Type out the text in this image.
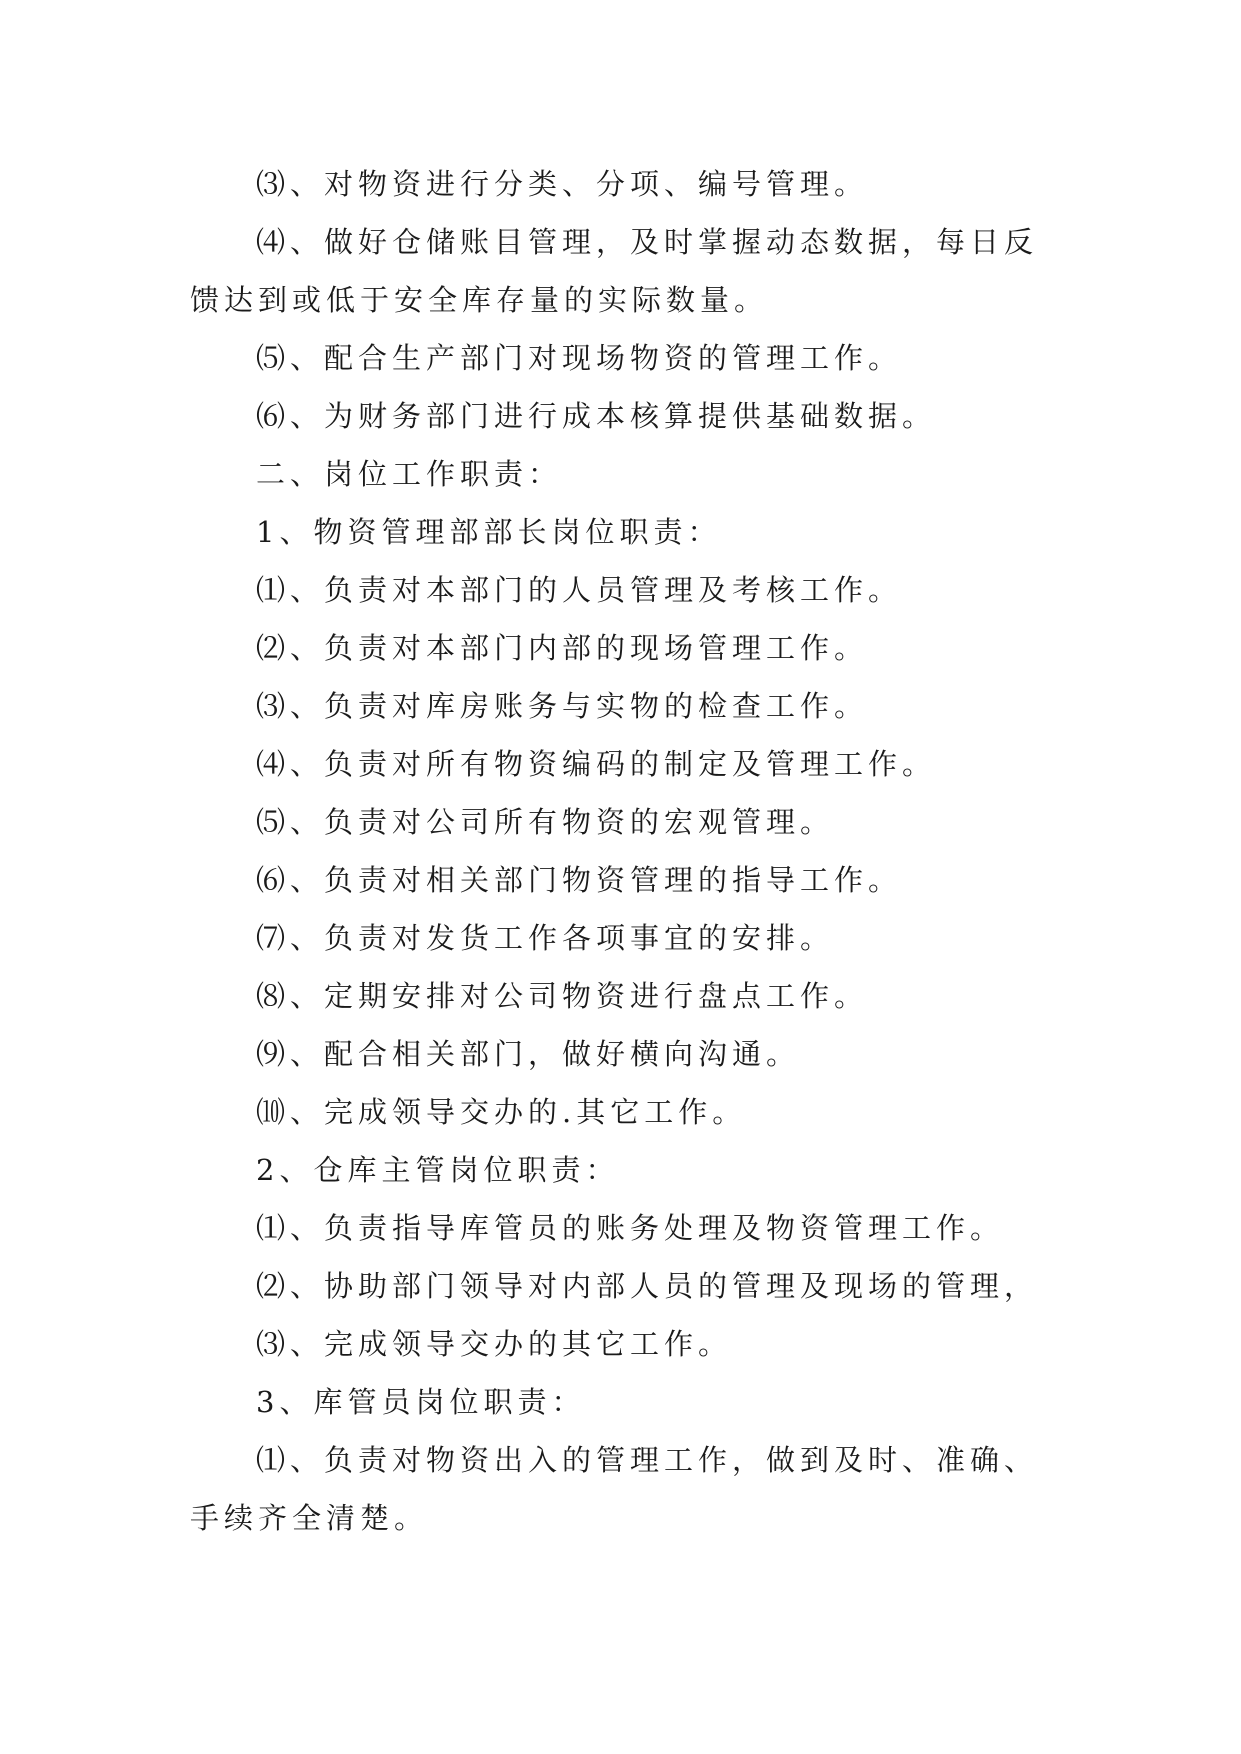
⑶、对物资进行分类、分项、编号管理。

⑷、做好仓储账目管理，及时掌握动态数据，每日反馈达到或低于安全库存量的实际数量。

⑸、配合生产部门对现场物资的管理工作。

⑹、为财务部门进行成本核算提供基础数据。

二、岗位工作职责：

1、物资管理部部长岗位职责：

⑴、负责对本部门的人员管理及考核工作。

⑵、负责对本部门内部的现场管理工作。

⑶、负责对库房账务与实物的检查工作。

⑷、负责对所有物资编码的制定及管理工作。

⑸、负责对公司所有物资的宏观管理。

⑹、负责对相关部门物资管理的指导工作。

⑺、负责对发货工作各项事宜的安排。

⑻、定期安排对公司物资进行盘点工作。

⑼、配合相关部门，做好横向沟通。

⑽、完成领导交办的.其它工作。

2、仓库主管岗位职责：

⑴、负责指导库管员的账务处理及物资管理工作。

⑵、协助部门领导对内部人员的管理及现场的管理，

⑶、完成领导交办的其它工作。

3、库管员岗位职责：

⑴、负责对物资出入的管理工作，做到及时、准确、手续齐全清楚。
